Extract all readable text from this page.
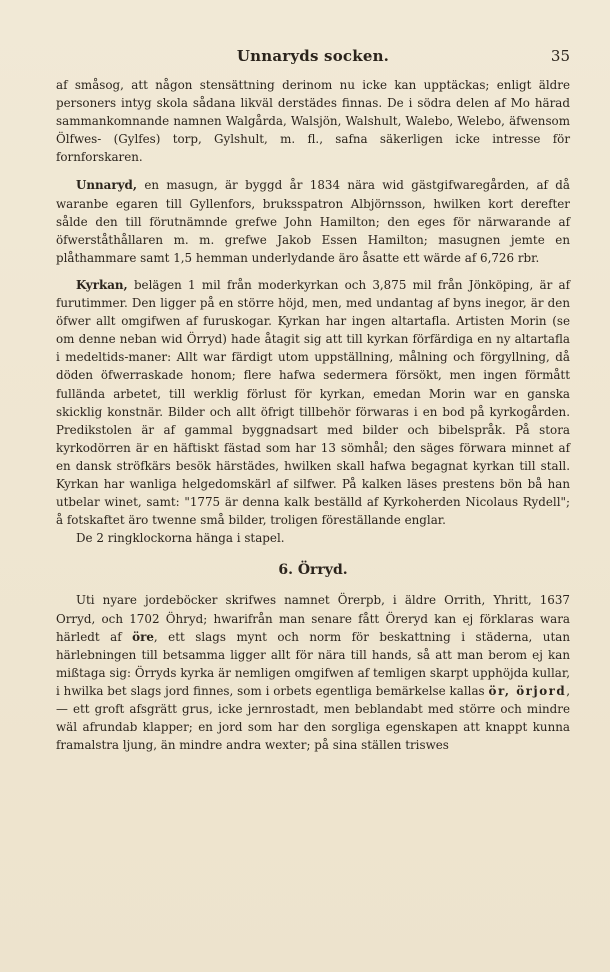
Unnaryds socken.	35

af småsog, att någon stensättning derinom nu icke kan upptäckas; enligt äldre personers intyg skola sådana likväl derstädes finnas. De i södra delen af Mo härad sammankomnande namnen Walgårda, Walsjön, Walshult, Walebo, Welebo, äfwensom Ölfwes- (Gylfes) torp, Gylshult, m. fl., safna säkerligen icke intresse för fornforskaren.

Unnaryd, en masugn, är byggd år 1834 nära wid gästgifwaregården, af då waranbe egaren till Gyllenfors, bruksspatron Albjörnsson, hwilken kort derefter sålde den till förutnämnde grefwe John Hamilton; den eges för närwarande af öfwerståthållaren m. m. grefwe Jakob Essen Hamilton; masugnen jemte en plåthammare samt 1,5 hemman underlydande äro åsatte ett wärde af 6,726 rbr.

Kyrkan, belägen 1 mil från moderkyrkan och 3,875 mil från Jönköping, är af furutimmer. Den ligger på en större höjd, men, med undantag af byns inegor, är den öfwer allt omgifwen af furuskogar. Kyrkan har ingen altartafla. Artisten Morin (se om denne neban wid Örryd) hade åtagit sig att till kyrkan förfärdiga en ny altartafla i medeltids-maner: Allt war färdigt utom uppställning, målning och förgyllning, då döden öfwerraskade honom; flere hafwa sedermera försökt, men ingen förmått fullända arbetet, till werklig förlust för kyrkan, emedan Morin war en ganska skicklig konstnär. Bilder och allt öfrigt tillbehör förwaras i en bod på kyrkogården. Predikstolen är af gammal byggnadsart med bilder och bibelspråk. På stora kyrkodörren är en häftiskt fästad som har 13 sömhål; den säges förwara minnet af en dansk ströfkärs besök härstädes, hwilken skall hafwa begagnat kyrkan till stall. Kyrkan har wanliga helgedomskärl af silfwer. På kalken läses prestens bön bå han utbelar winet, samt: "1775 är denna kalk beställd af Kyrkoherden Nicolaus Rydell"; å fotskaftet äro twenne små bilder, troligen föreställande englar.

De 2 ringklockorna hänga i stapel.

6. Örryd.

Uti nyare jordeböcker skrifwes namnet Örerpb, i äldre Orrith, Yhritt, 1637 Orryd, och 1702 Öhryd; hwarifrån man senare fått Öreryd kan ej förklaras wara härledt af öre, ett slags mynt och norm för beskattning i städerna, utan härlebningen till betsamma ligger allt för nära till hands, så att man berom ej kan mißtaga sig: Örryds kyrka är nemligen omgifwen af temligen skarpt upphöjda kullar, i hwilka bet slags jord finnes, som i orbets egentliga bemärkelse kallas ör, örjord, — ett groft afsgrätt grus, icke jernrostadt, men beblandabt med större och mindre wäl afrundab klapper; en jord som har den sorgliga egenskapen att knappt kunna framalstra ljung, än mindre andra wexter; på sina ställen triswes
